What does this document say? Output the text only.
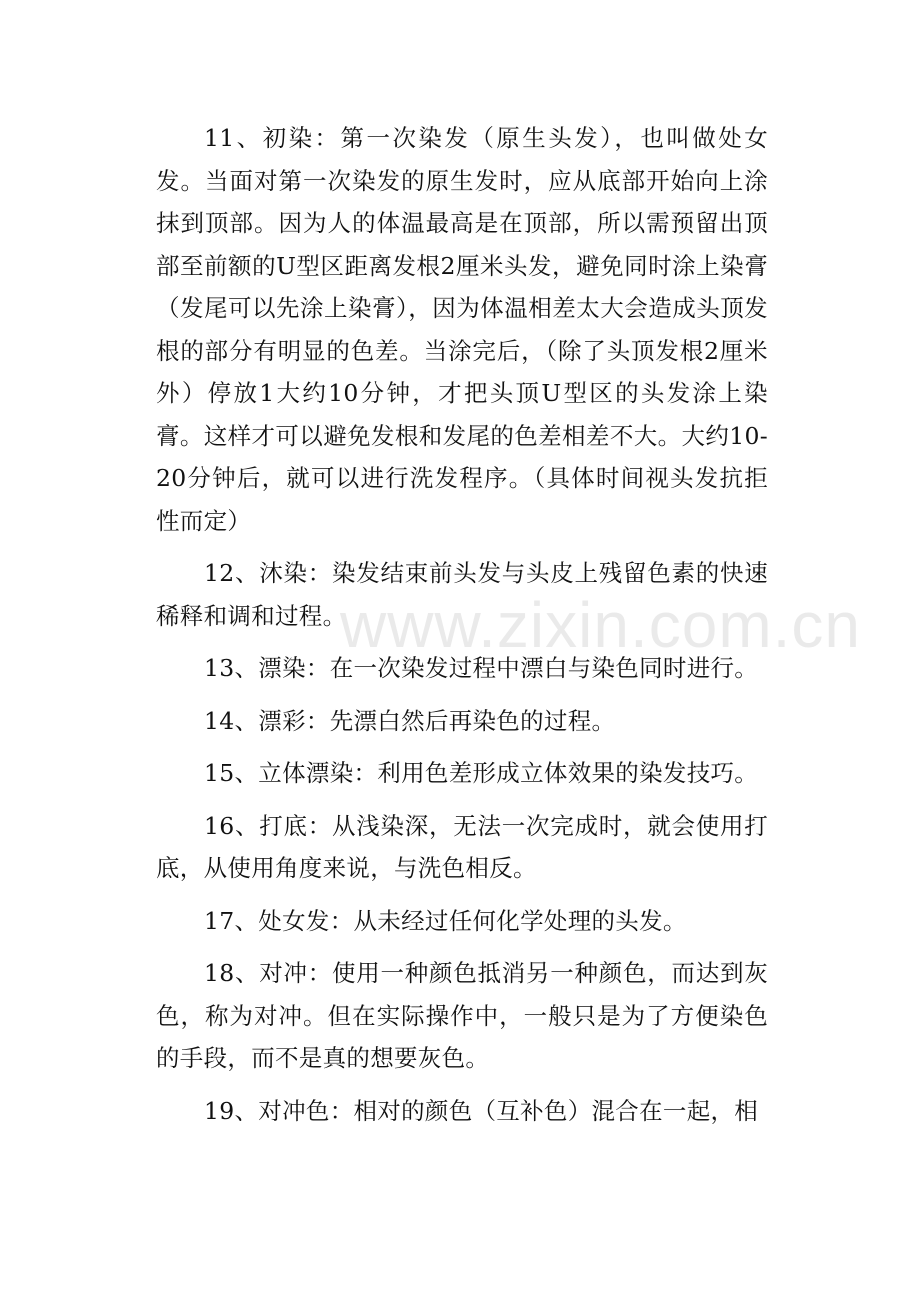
11、初染：第一次染发（原生头发），也叫做处女发。当面对第一次染发的原生发时，应从底部开始向上涂抹到顶部。因为人的体温最高是在顶部，所以需预留出顶部至前额的U型区距离发根2厘米头发，避免同时涂上染膏（发尾可以先涂上染膏），因为体温相差太大会造成头顶发根的部分有明显的色差。当涂完后，（除了头顶发根2厘米外）停放1大约10分钟，才把头顶U型区的头发涂上染膏。这样才可以避免发根和发尾的色差相差不大。大约10-20分钟后，就可以进行洗发程序。（具体时间视头发抗拒性而定）

12、沐染：染发结束前头发与头皮上残留色素的快速稀释和调和过程。

13、漂染：在一次染发过程中漂白与染色同时进行。

14、漂彩：先漂白然后再染色的过程。

15、立体漂染：利用色差形成立体效果的染发技巧。

16、打底：从浅染深，无法一次完成时，就会使用打底，从使用角度来说，与洗色相反。

17、处女发：从未经过任何化学处理的头发。

18、对冲：使用一种颜色抵消另一种颜色，而达到灰色，称为对冲。但在实际操作中，一般只是为了方便染色的手段，而不是真的想要灰色。

19、对冲色：相对的颜色（互补色）混合在一起，相

www.zixin.com.cn
